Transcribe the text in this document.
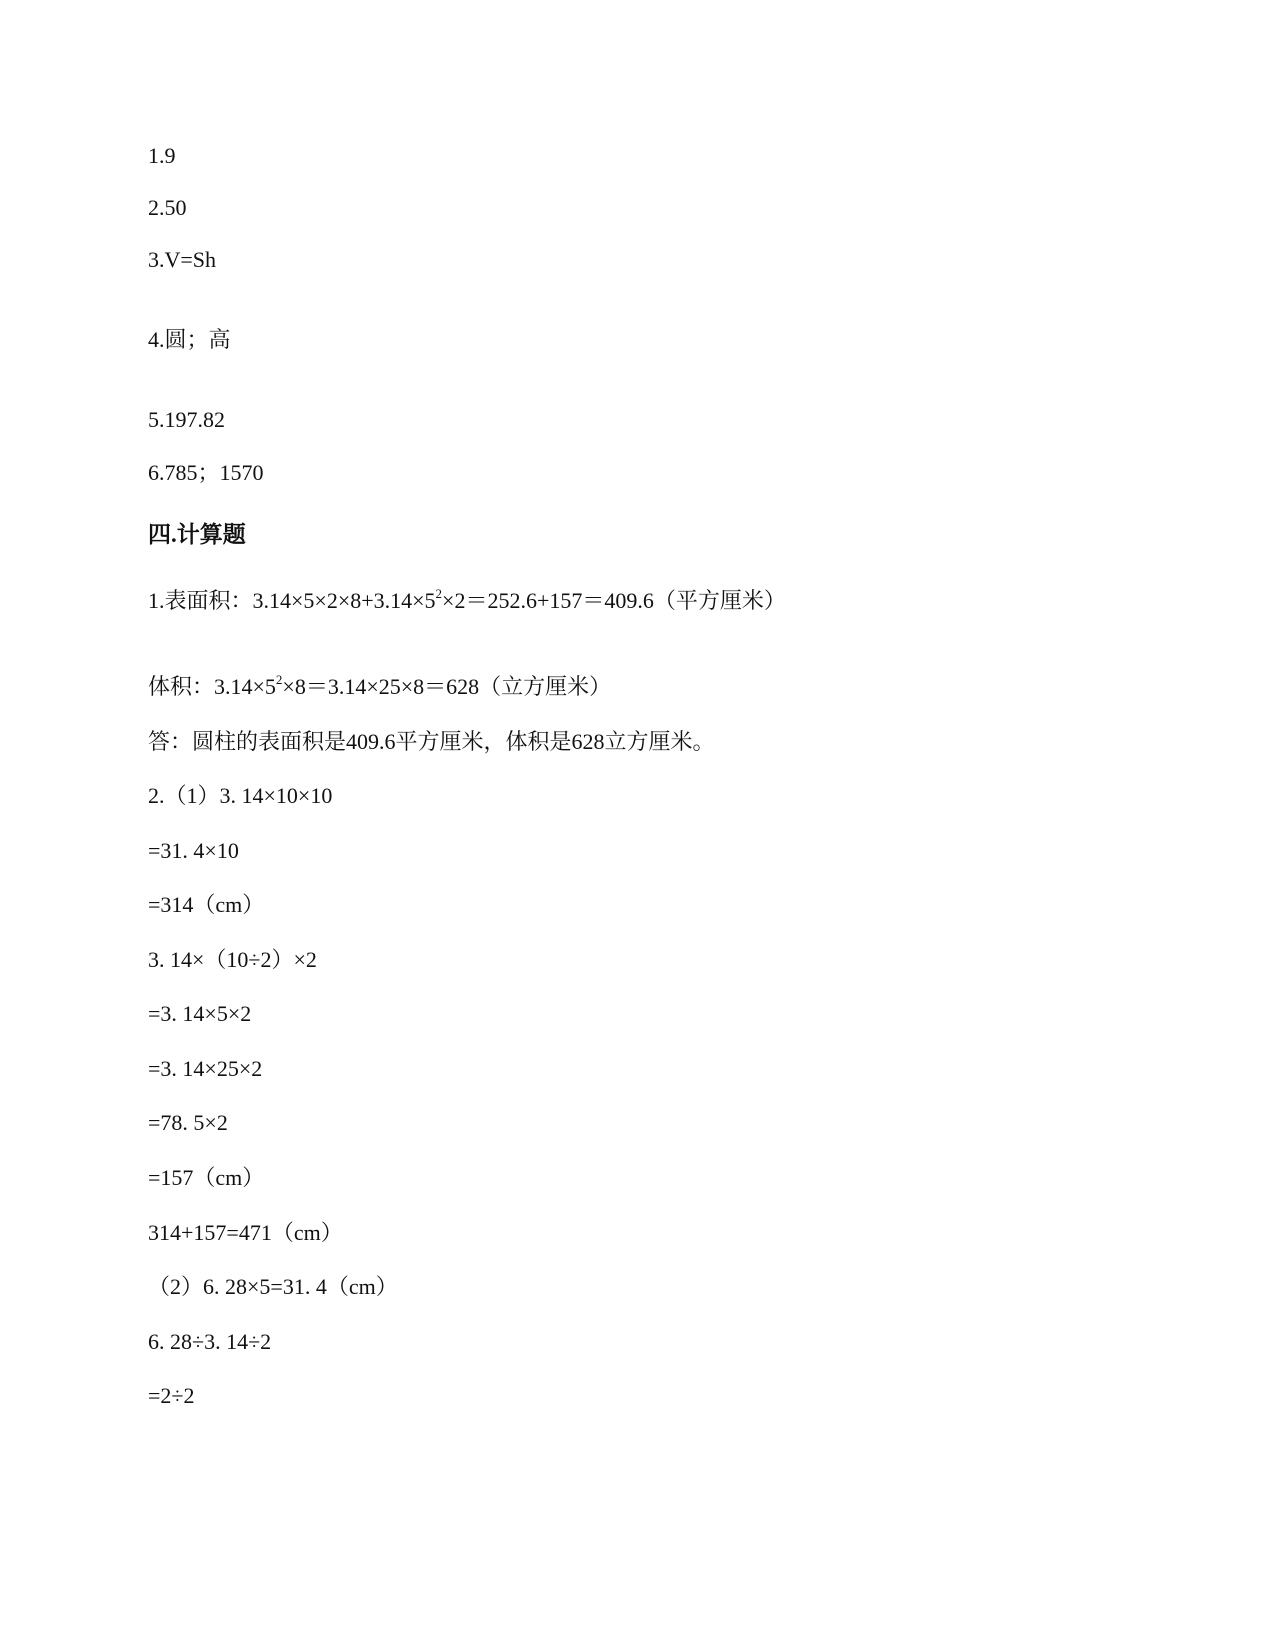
1.9
2.50
3.V=Sh
4.圆；高
5.197.82
6.785；1570
四.计算题
1.表面积：$3.14\times 5\times 2\times 8+3.14\times 5^2\times 2=252.6+157=409.6$（平方厘米）
体积：$3.14\times 5^2\times 8=3.14\times 25\times 8=628$（立方厘米）
答：圆柱的表面积是409.6平方厘米，体积是628立方厘米。
2.（1）3. 14×10×10
=31. 4×10
=314（cm）
3. 14×（10÷2）×2
=3. 14×5×2
=3. 14×25×2
=78. 5×2
=157（cm）
314+157=471（cm）
（2）6. 28×5=31. 4（cm）
6. 28÷3. 14÷2
=2÷2
